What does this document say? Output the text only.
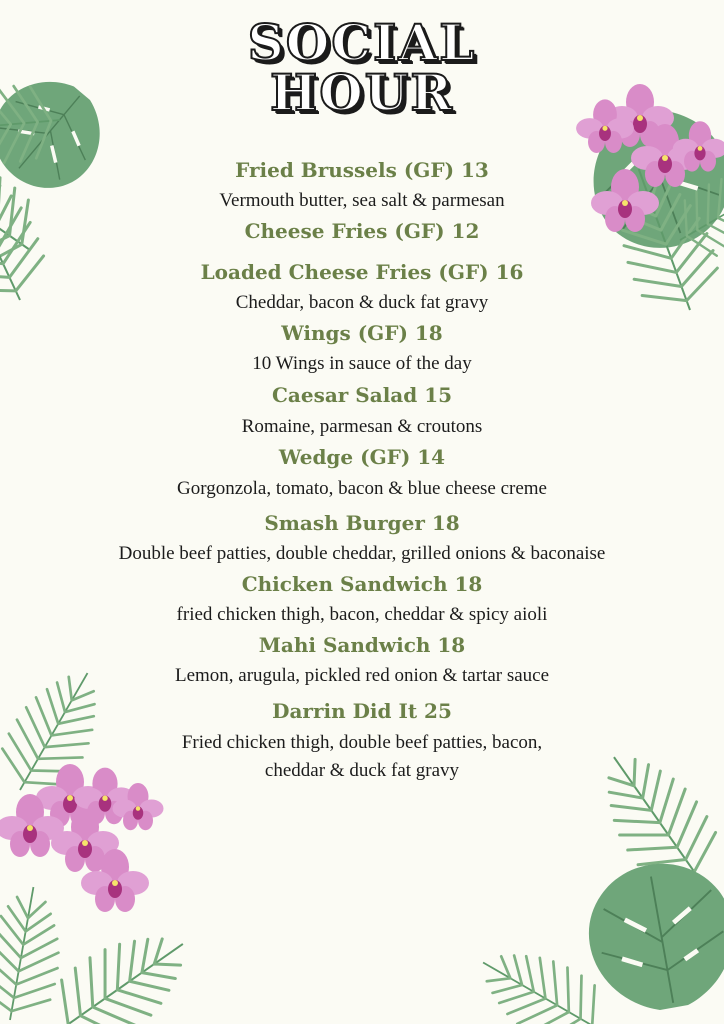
SOCIAL
HOUR
Fried Brussels (GF) 13
Vermouth butter, sea salt & parmesan
Cheese Fries (GF) 12
Loaded Cheese Fries (GF) 16
Cheddar, bacon & duck fat gravy
Wings (GF) 18
10 Wings in sauce of the day
Caesar Salad 15
Romaine, parmesan & croutons
Wedge (GF) 14
Gorgonzola, tomato, bacon & blue cheese creme
Smash Burger 18
Double beef patties, double cheddar, grilled onions & baconaise
Chicken Sandwich 18
fried chicken thigh, bacon, cheddar & spicy aioli
Mahi Sandwich 18
Lemon, arugula, pickled red onion & tartar sauce
Darrin Did It 25
Fried chicken thigh, double beef patties, bacon,
cheddar & duck fat gravy
